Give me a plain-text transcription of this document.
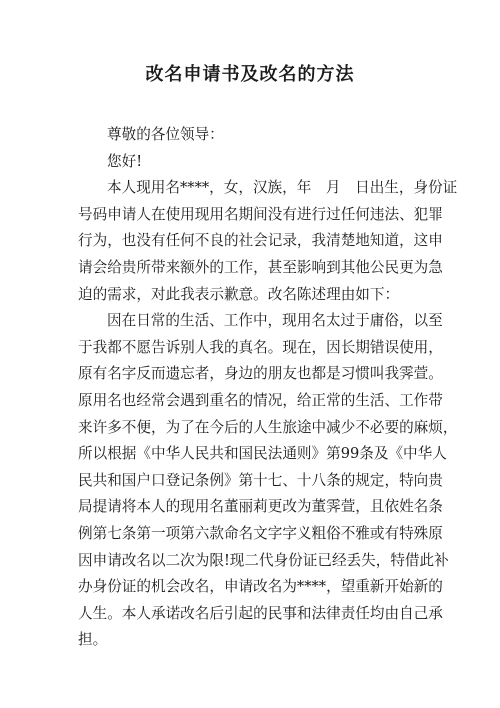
改名申请书及改名的方法
尊敬的各位领导：
您好!
本人现用名****，女，汉族，年　月　日出生，身份证
号码申请人在使用现用名期间没有进行过任何违法、犯罪
行为，也没有任何不良的社会记录，我清楚地知道，这申
请会给贵所带来额外的工作，甚至影响到其他公民更为急
迫的需求，对此我表示歉意。改名陈述理由如下：
因在日常的生活、工作中，现用名太过于庸俗，以至
于我都不愿告诉别人我的真名。现在，因长期错误使用，
原有名字反而遗忘者，身边的朋友也都是习惯叫我霁萱。
原用名也经常会遇到重名的情况，给正常的生活、工作带
来许多不便，为了在今后的人生旅途中减少不必要的麻烦，
所以根据《中华人民共和国民法通则》第99条及《中华人
民共和国户口登记条例》第十七、十八条的规定，特向贵
局提请将本人的现用名董丽莉更改为董霁萱，且依姓名条
例第七条第一项第六款命名文字字义粗俗不雅或有特殊原
因申请改名以二次为限!现二代身份证已经丢失，特借此补
办身份证的机会改名，申请改名为****，望重新开始新的
人生。本人承诺改名后引起的民事和法律责任均由自己承
担。
